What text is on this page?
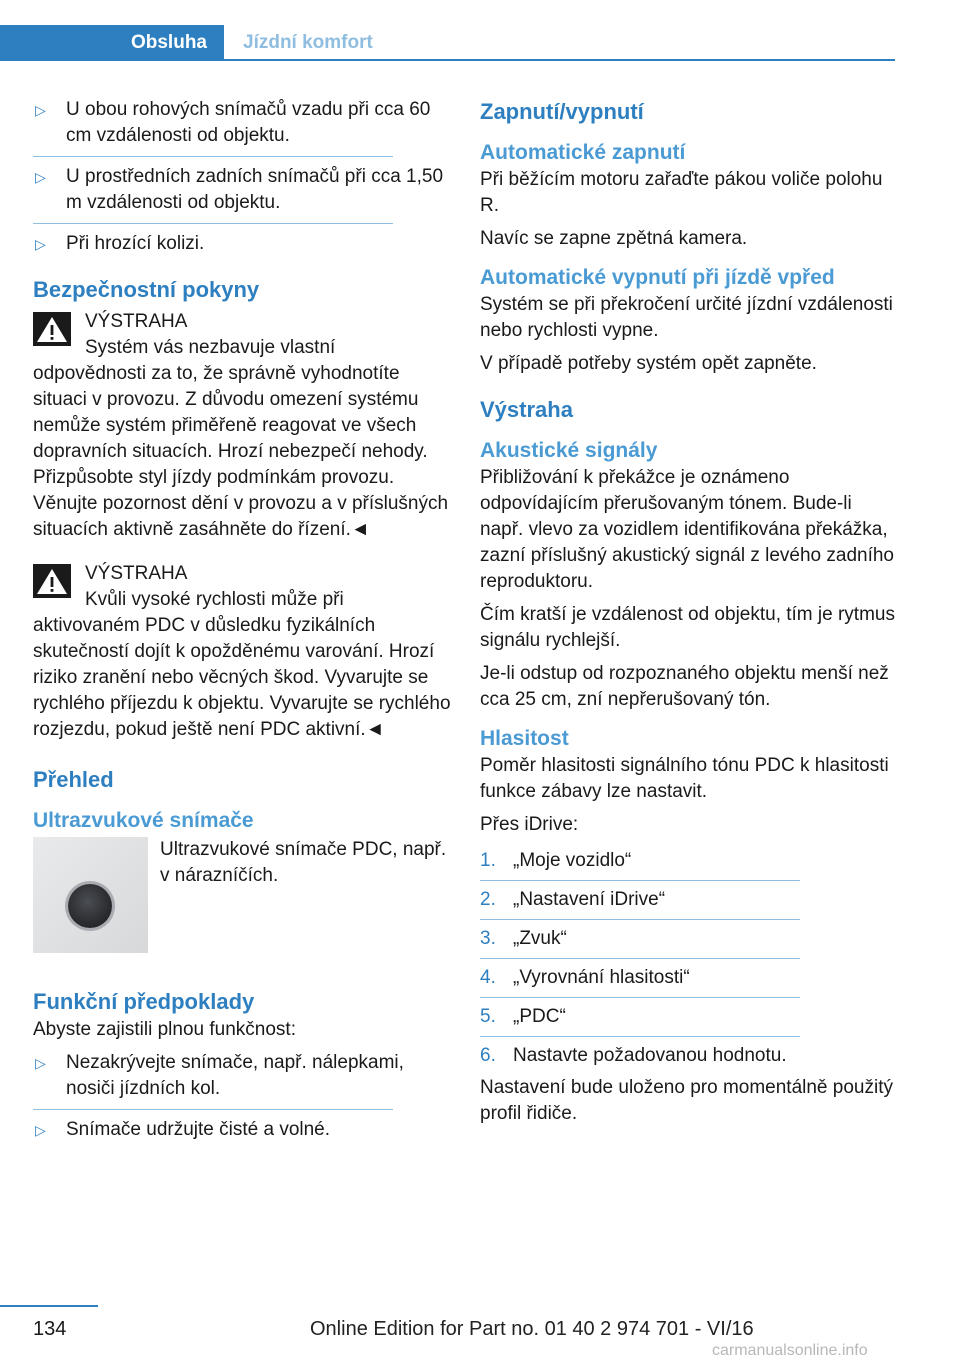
Obsluha	Jízdní komfort
▷ U obou rohových snímačů vzadu při cca 60 cm vzdálenosti od objektu.
▷ U prostředních zadních snímačů při cca 1,50 m vzdálenosti od objektu.
▷ Při hrozící kolizi.
Bezpečnostní pokyny
VÝSTRAHA
Systém vás nezbavuje vlastní odpovědnosti za to, že správně vyhodnotíte situaci v provozu. Z důvodu omezení systému nemůže systém přiměřeně reagovat ve všech dopravních situacích. Hrozí nebezpečí nehody. Přizpůsobte styl jízdy podmínkám provozu. Věnujte pozornost dění v provozu a v příslušných situacích aktivně zasáhněte do řízení.◄
VÝSTRAHA
Kvůli vysoké rychlosti může při aktivovaném PDC v důsledku fyzikálních skutečností dojít k opožděnému varování. Hrozí riziko zranění nebo věcných škod. Vyvarujte se rychlého příjezdu k objektu. Vyvarujte se rychlého rozjezdu, pokud ještě není PDC aktivní.◄
Přehled
Ultrazvukové snímače
Ultrazvukové snímače PDC, např. v nárazníčích.
Funkční předpoklady

Abyste zajistili plnou funkčnost:

▷ Nezakrývejte snímače, např. nálepkami, nosiči jízdních kol.
▷ Snímače udržujte čisté a volné.
Zapnutí/vypnutí
Automatické zapnutí

Při běžícím motoru zařaďte pákou voliče polohu R.

Navíc se zapne zpětná kamera.

Automatické vypnutí při jízdě vpřed

Systém se při překročení určité jízdní vzdálenosti nebo rychlosti vypne.

V případě potřeby systém opět zapněte.

Výstraha
Akustické signály

Přibližování k překážce je oznámeno odpovídajícím přerušovaným tónem. Bude-li např. vlevo za vozidlem identifikována překážka, zazní příslušný akustický signál z levého zadního reproduktoru.

Čím kratší je vzdálenost od objektu, tím je rytmus signálu rychlejší.

Je-li odstup od rozpoznaného objektu menší než cca 25 cm, zní nepřerušovaný tón.

Hlasitost

Poměr hlasitosti signálního tónu PDC k hlasitosti funkce zábavy lze nastavit.

Přes iDrive:

1. „Moje vozidlo“
2. „Nastavení iDrive“
3. „Zvuk“
4. „Vyrovnání hlasitosti“
5. „PDC“
6. Nastavte požadovanou hodnotu.

Nastavení bude uloženo pro momentálně použitý profil řidiče.

134	Online Edition for Part no. 01 40 2 974 701 - VI/16
carmanualsonline.info
